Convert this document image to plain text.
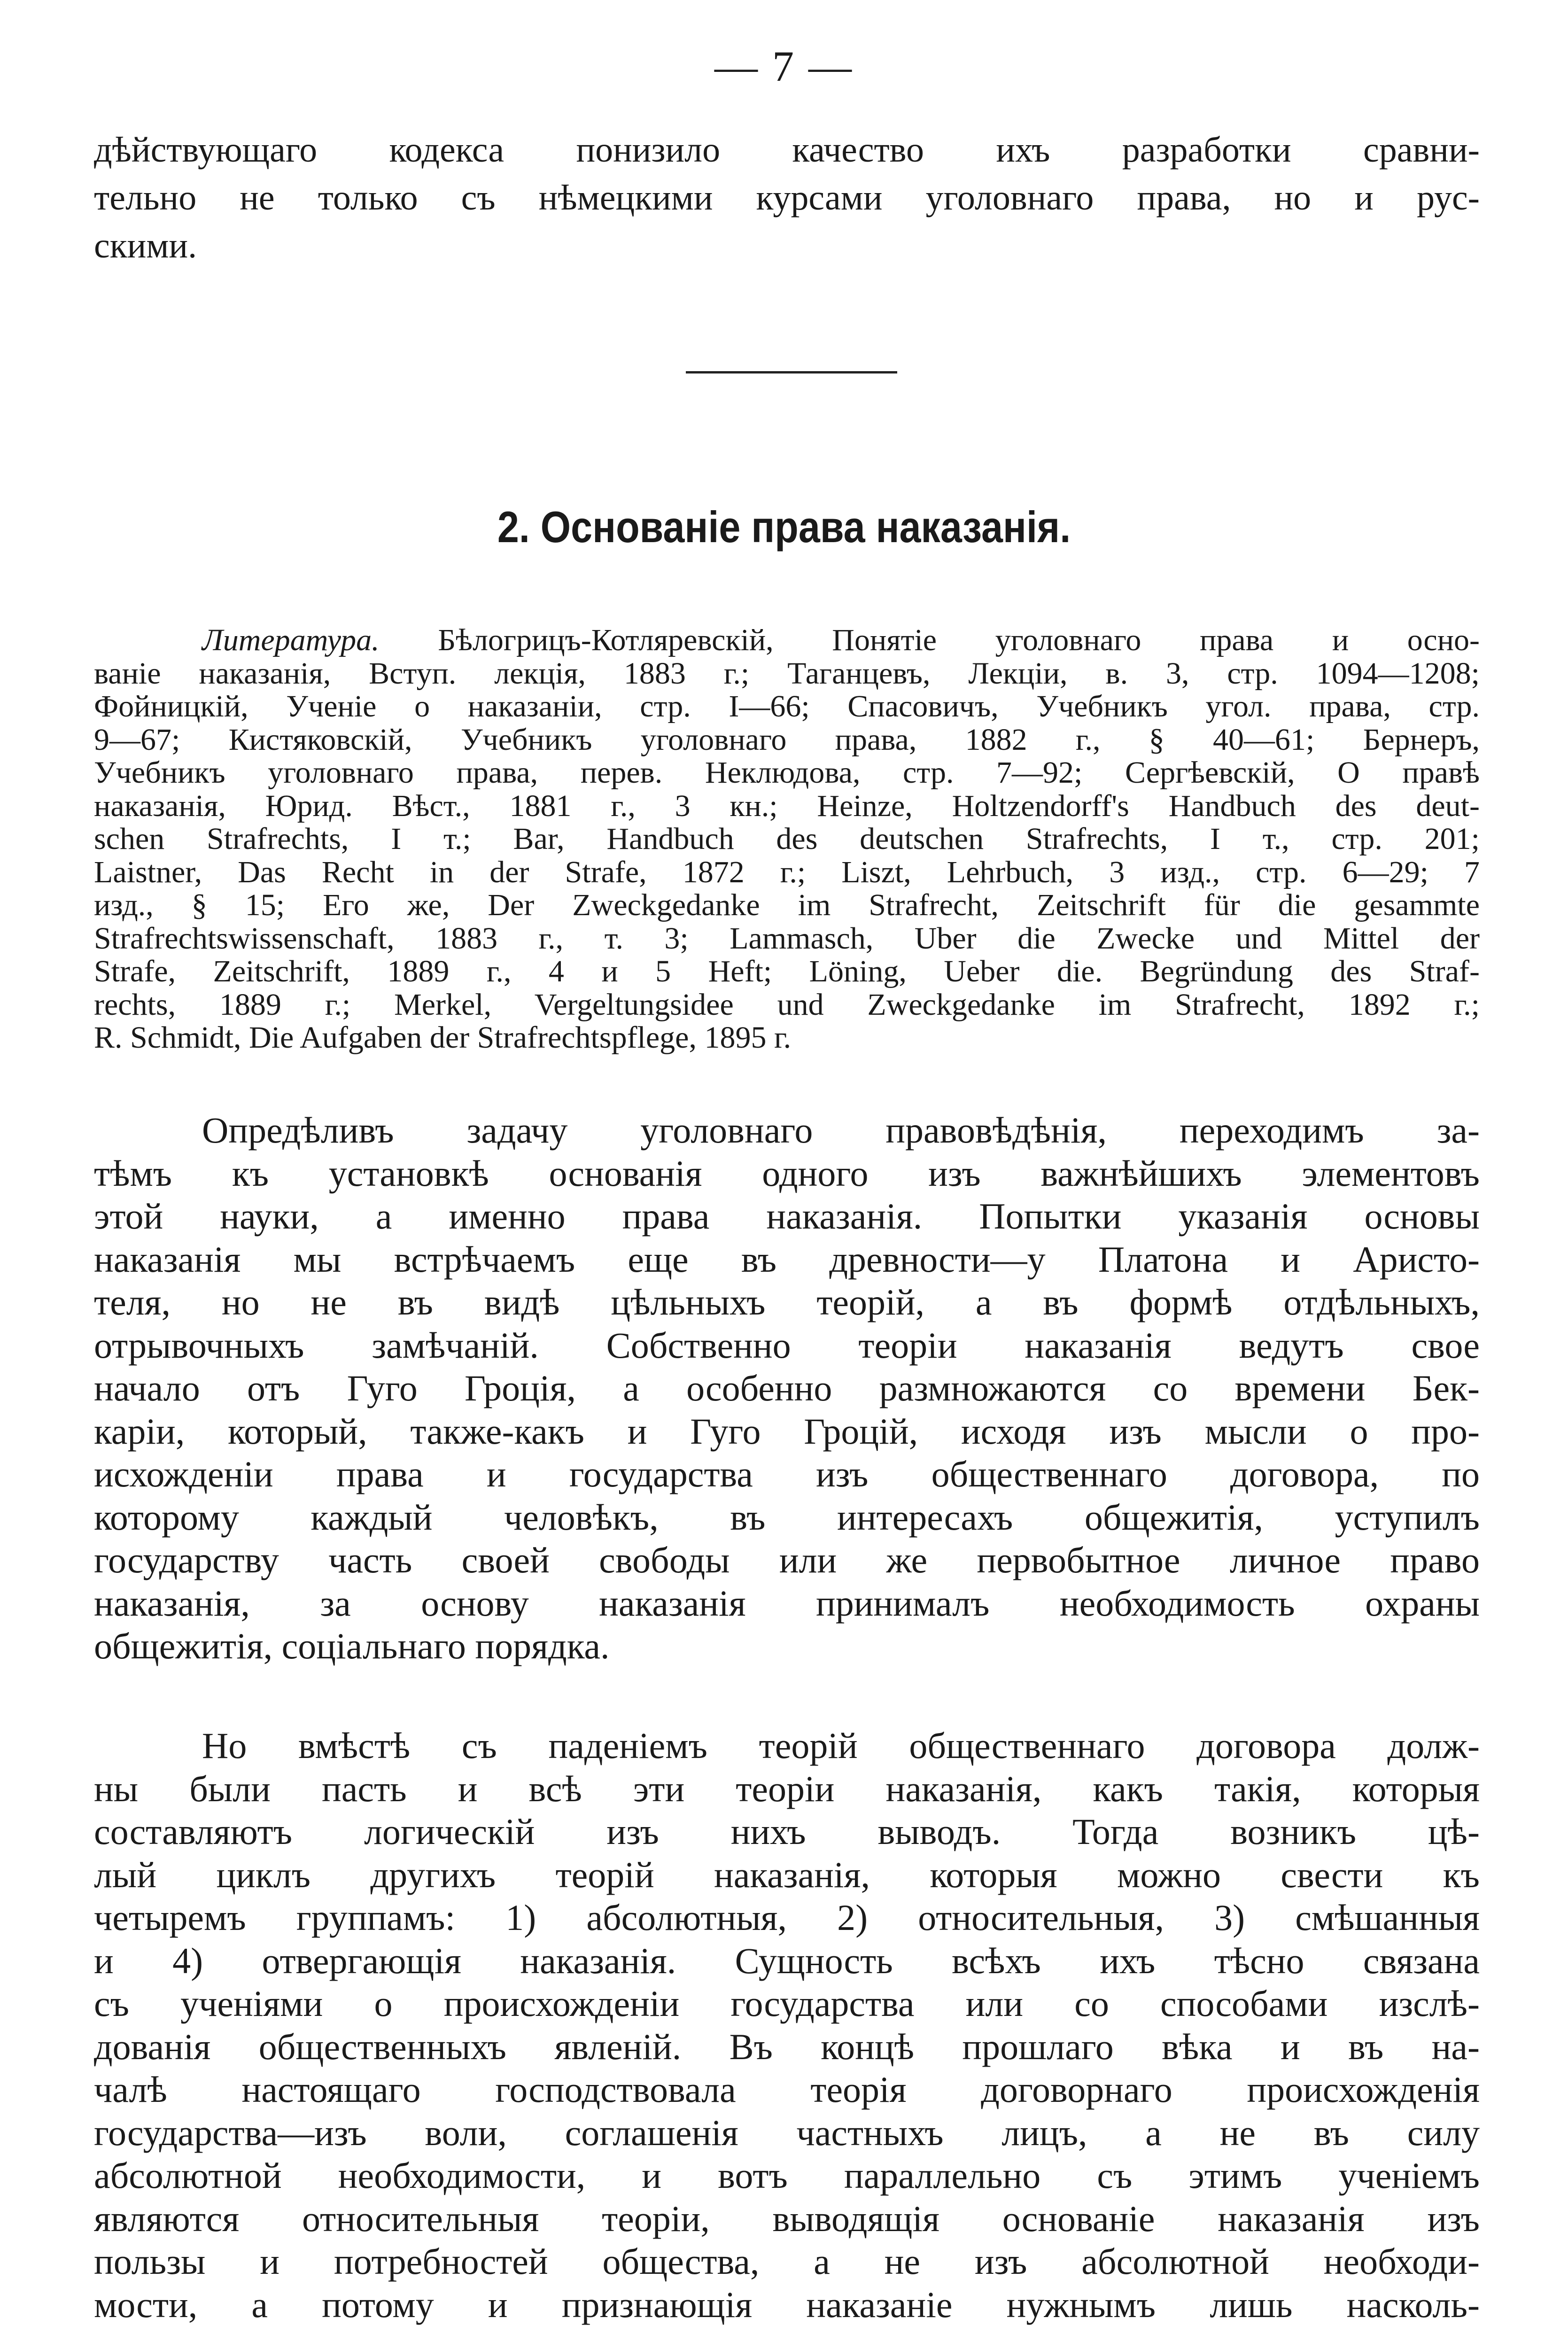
— 7 —
дѣйствующаго кодекса понизило качество ихъ разработки сравни-
тельно не только съ нѣмецкими курсами уголовнаго права, но и рус-
скими.
2. Основаніе права наказанія.
Литература. Бѣлогрицъ-Котляревскій, Понятіе уголовнаго права и осно-
ваніе наказанія, Вступ. лекція, 1883 г.; Таганцевъ, Лекціи, в. 3, стр. 1094—1208;
Фойницкій, Ученіе о наказаніи, стр. I—66; Спасовичъ, Учебникъ угол. права, стр.
9—67; Кистяковскій, Учебникъ уголовнаго права, 1882 г., § 40—61; Бернеръ,
Учебникъ уголовнаго права, перев. Неклюдова, стр. 7—92; Сергѣевскій, О правѣ
наказанія, Юрид. Вѣст., 1881 г., 3 кн.; Heinze, Holtzendorff's Handbuch des deut-
schen Strafrechts, I т.; Bar, Handbuch des deutschen Strafrechts, I т., стр. 201;
Laistner, Das Recht in der Strafe, 1872 г.; Liszt, Lehrbuch, 3 изд., стр. 6—29; 7
изд., § 15; Его же, Der Zweckgedanke im Strafrecht, Zeitschrift für die gesammte
Strafrechtswissenschaft, 1883 г., т. 3; Lammasch, Uber die Zwecke und Mittel der
Strafe, Zeitschrift, 1889 г., 4 и 5 Heft; Löning, Ueber die. Begründung des Straf-
rechts, 1889 г.; Merkel, Vergeltungsidee und Zweckgedanke im Strafrecht, 1892 г.;
R. Schmidt, Die Aufgaben der Strafrechtspflege, 1895 г.
Опредѣливъ задачу уголовнаго правовѣдѣнія, переходимъ за-
тѣмъ къ установкѣ основанія одного изъ важнѣйшихъ элементовъ
этой науки, а именно права наказанія. Попытки указанія основы
наказанія мы встрѣчаемъ еще въ древности—у Платона и Аристо-
теля, но не въ видѣ цѣльныхъ теорій, а въ формѣ отдѣльныхъ,
отрывочныхъ замѣчаній. Собственно теоріи наказанія ведутъ свое
начало отъ Гуго Гроція, а особенно размножаются со времени Бек-
каріи, который, также-какъ и Гуго Гроцій, исходя изъ мысли о про-
исхожденіи права и государства изъ общественнаго договора, по
которому каждый человѣкъ, въ интересахъ общежитія, уступилъ
государству часть своей свободы или же первобытное личное право
наказанія, за основу наказанія принималъ необходимость охраны
общежитія, соціальнаго порядка.
Но вмѣстѣ съ паденіемъ теорій общественнаго договора долж-
ны были пасть и всѣ эти теоріи наказанія, какъ такія, которыя
составляютъ логическій изъ нихъ выводъ. Тогда возникъ цѣ-
лый циклъ другихъ теорій наказанія, которыя можно свести къ
четыремъ группамъ: 1) абсолютныя, 2) относительныя, 3) смѣшанныя
и 4) отвергающія наказанія. Сущность всѣхъ ихъ тѣсно связана
съ ученіями о происхожденіи государства или со способами изслѣ-
дованія общественныхъ явленій. Въ концѣ прошлаго вѣка и въ на-
чалѣ настоящаго господствовала теорія договорнаго происхожденія
государства—изъ воли, соглашенія частныхъ лицъ, а не въ силу
абсолютной необходимости, и вотъ параллельно съ этимъ ученіемъ
являются относительныя теоріи, выводящія основаніе наказанія изъ
пользы и потребностей общества, а не изъ абсолютной необходи-
мости, а потому и признающія наказаніе нужнымъ лишь насколь-
